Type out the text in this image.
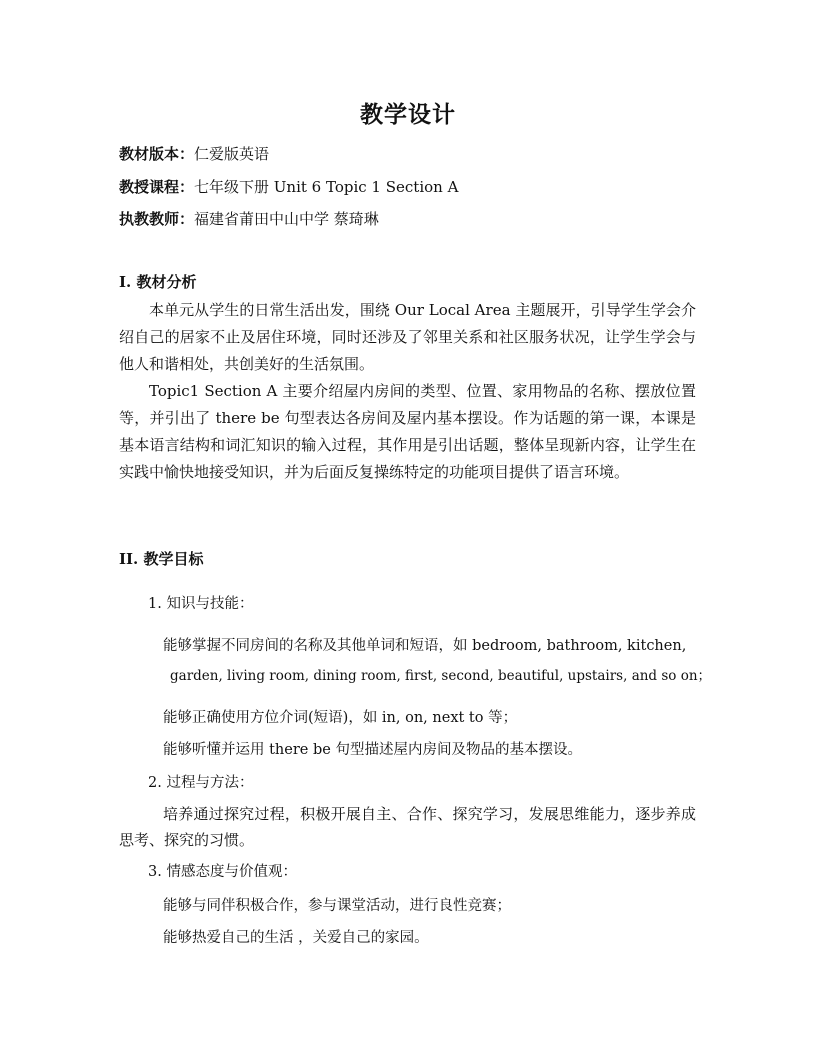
教学设计
教材版本：仁爱版英语
教授课程：七年级下册 Unit 6 Topic 1 Section A
执教教师：福建省莆田中山中学 蔡琦琳
I. 教材分析

本单元从学生的日常生活出发，围绕 Our Local Area 主题展开，引导学生学会介绍自己的居家不止及居住环境，同时还涉及了邻里关系和社区服务状况，让学生学会与他人和谐相处，共创美好的生活氛围。

Topic1 Section A 主要介绍屋内房间的类型、位置、家用物品的名称、摆放位置等，并引出了 there be 句型表达各房间及屋内基本摆设。作为话题的第一课，本课是基本语言结构和词汇知识的输入过程，其作用是引出话题，整体呈现新内容，让学生在实践中愉快地接受知识，并为后面反复操练特定的功能项目提供了语言环境。

II. 教学目标
1. 知识与技能：
能够掌握不同房间的名称及其他单词和短语，如 bedroom, bathroom, kitchen,
garden, living room, dining room, first, second, beautiful, upstairs, and so on；
能够正确使用方位介词(短语)，如 in, on, next to 等；
能够听懂并运用 there be 句型描述屋内房间及物品的基本摆设。
2. 过程与方法：

培养通过探究过程，积极开展自主、合作、探究学习，发展思维能力，逐步养成思考、探究的习惯。

3. 情感态度与价值观：
能够与同伴积极合作，参与课堂活动，进行良性竞赛；
能够热爱自己的生活 ，关爱自己的家园。
